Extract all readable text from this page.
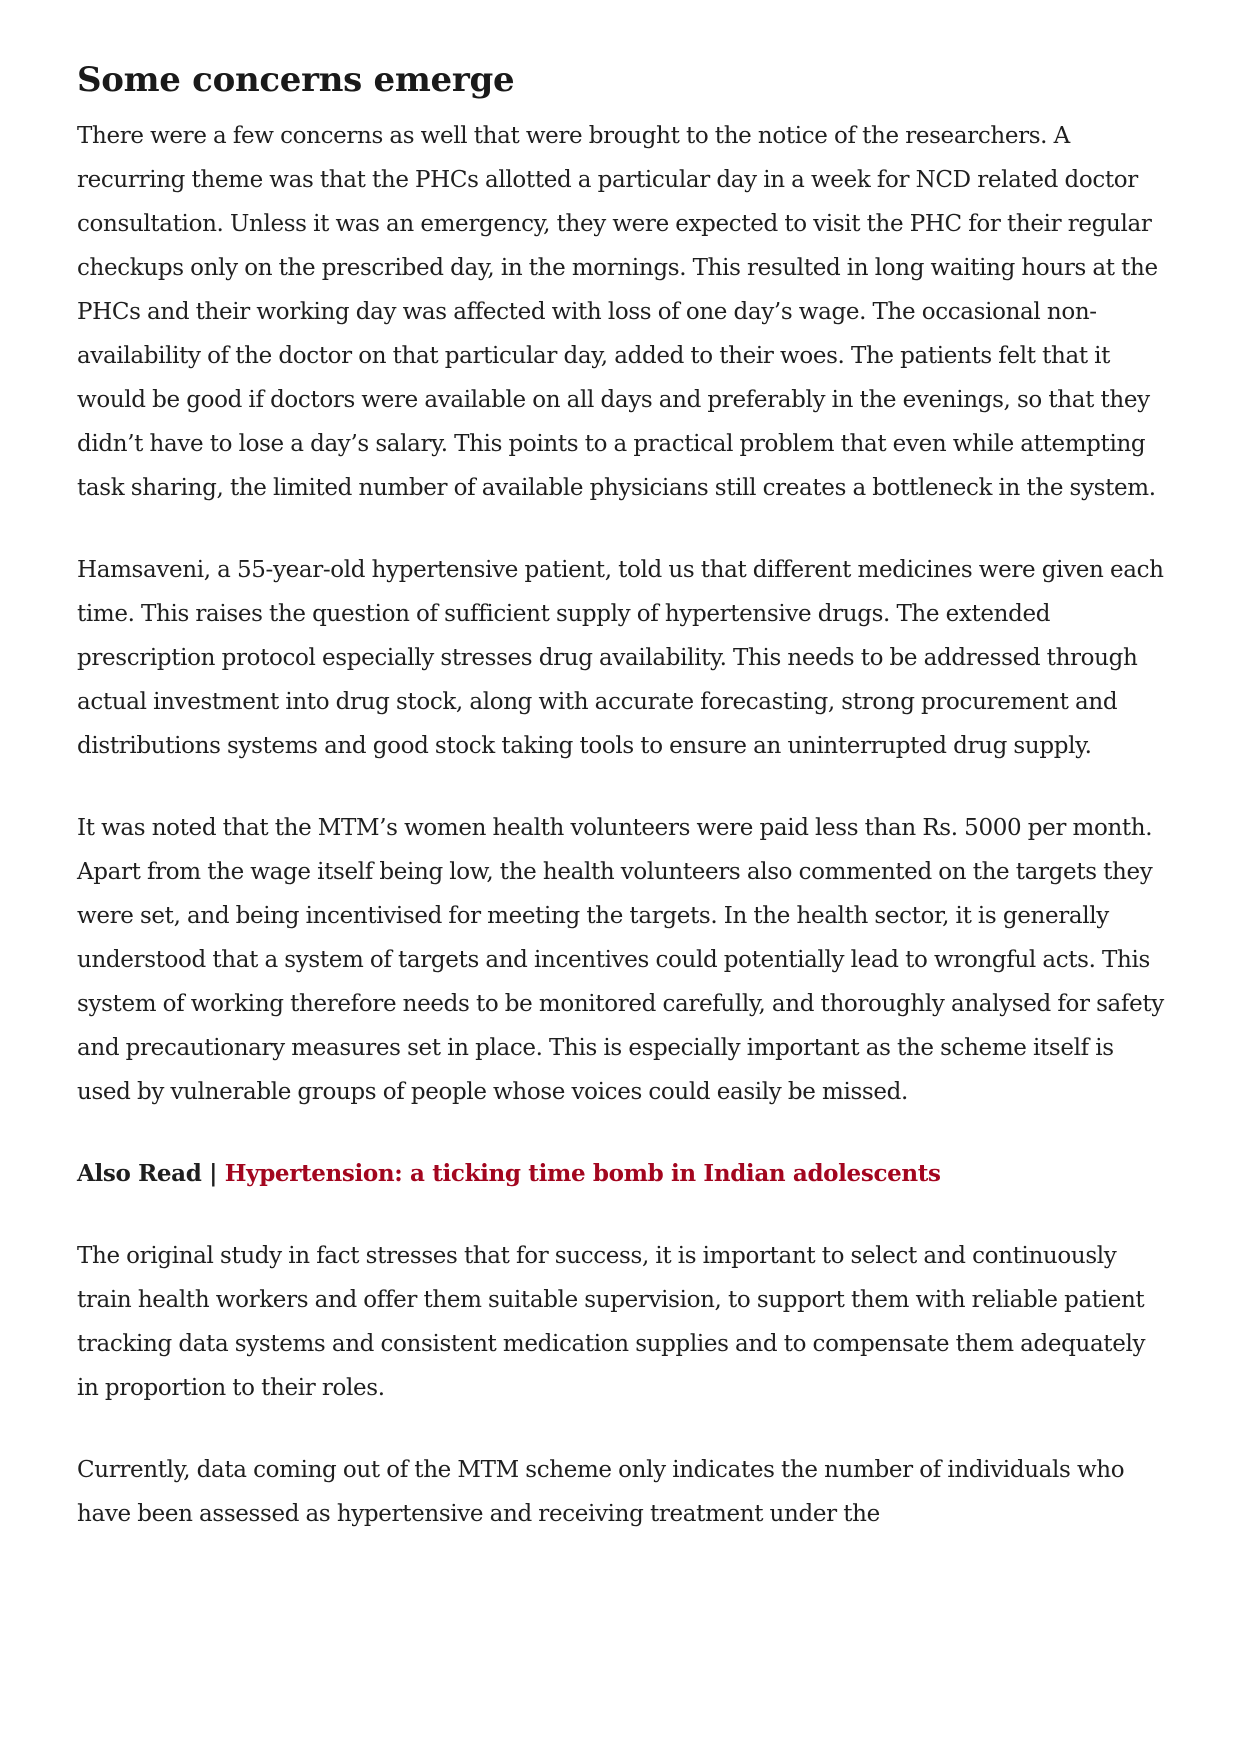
Some concerns emerge

There were a few concerns as well that were brought to the notice of the researchers. A recurring theme was that the PHCs allotted a particular day in a week for NCD related doctor consultation. Unless it was an emergency, they were expected to visit the PHC for their regular checkups only on the prescribed day, in the mornings. This resulted in long waiting hours at the PHCs and their working day was affected with loss of one day’s wage. The occasional non-availability of the doctor on that particular day, added to their woes. The patients felt that it would be good if doctors were available on all days and preferably in the evenings, so that they didn’t have to lose a day’s salary. This points to a practical problem that even while attempting task sharing, the limited number of available physicians still creates a bottleneck in the system.

Hamsaveni, a 55-year-old hypertensive patient, told us that different medicines were given each time. This raises the question of sufficient supply of hypertensive drugs. The extended prescription protocol especially stresses drug availability. This needs to be addressed through actual investment into drug stock, along with accurate forecasting, strong procurement and distributions systems and good stock taking tools to ensure an uninterrupted drug supply.

It was noted that the MTM’s women health volunteers were paid less than Rs. 5000 per month. Apart from the wage itself being low, the health volunteers also commented on the targets they were set, and being incentivised for meeting the targets. In the health sector, it is generally understood that a system of targets and incentives could potentially lead to wrongful acts. This system of working therefore needs to be monitored carefully, and thoroughly analysed for safety and precautionary measures set in place. This is especially important as the scheme itself is used by vulnerable groups of people whose voices could easily be missed.

Also Read | Hypertension: a ticking time bomb in Indian adolescents

The original study in fact stresses that for success, it is important to select and continuously train health workers and offer them suitable supervision, to support them with reliable patient tracking data systems and consistent medication supplies and to compensate them adequately in proportion to their roles.

Currently, data coming out of the MTM scheme only indicates the number of individuals who have been assessed as hypertensive and receiving treatment under the
